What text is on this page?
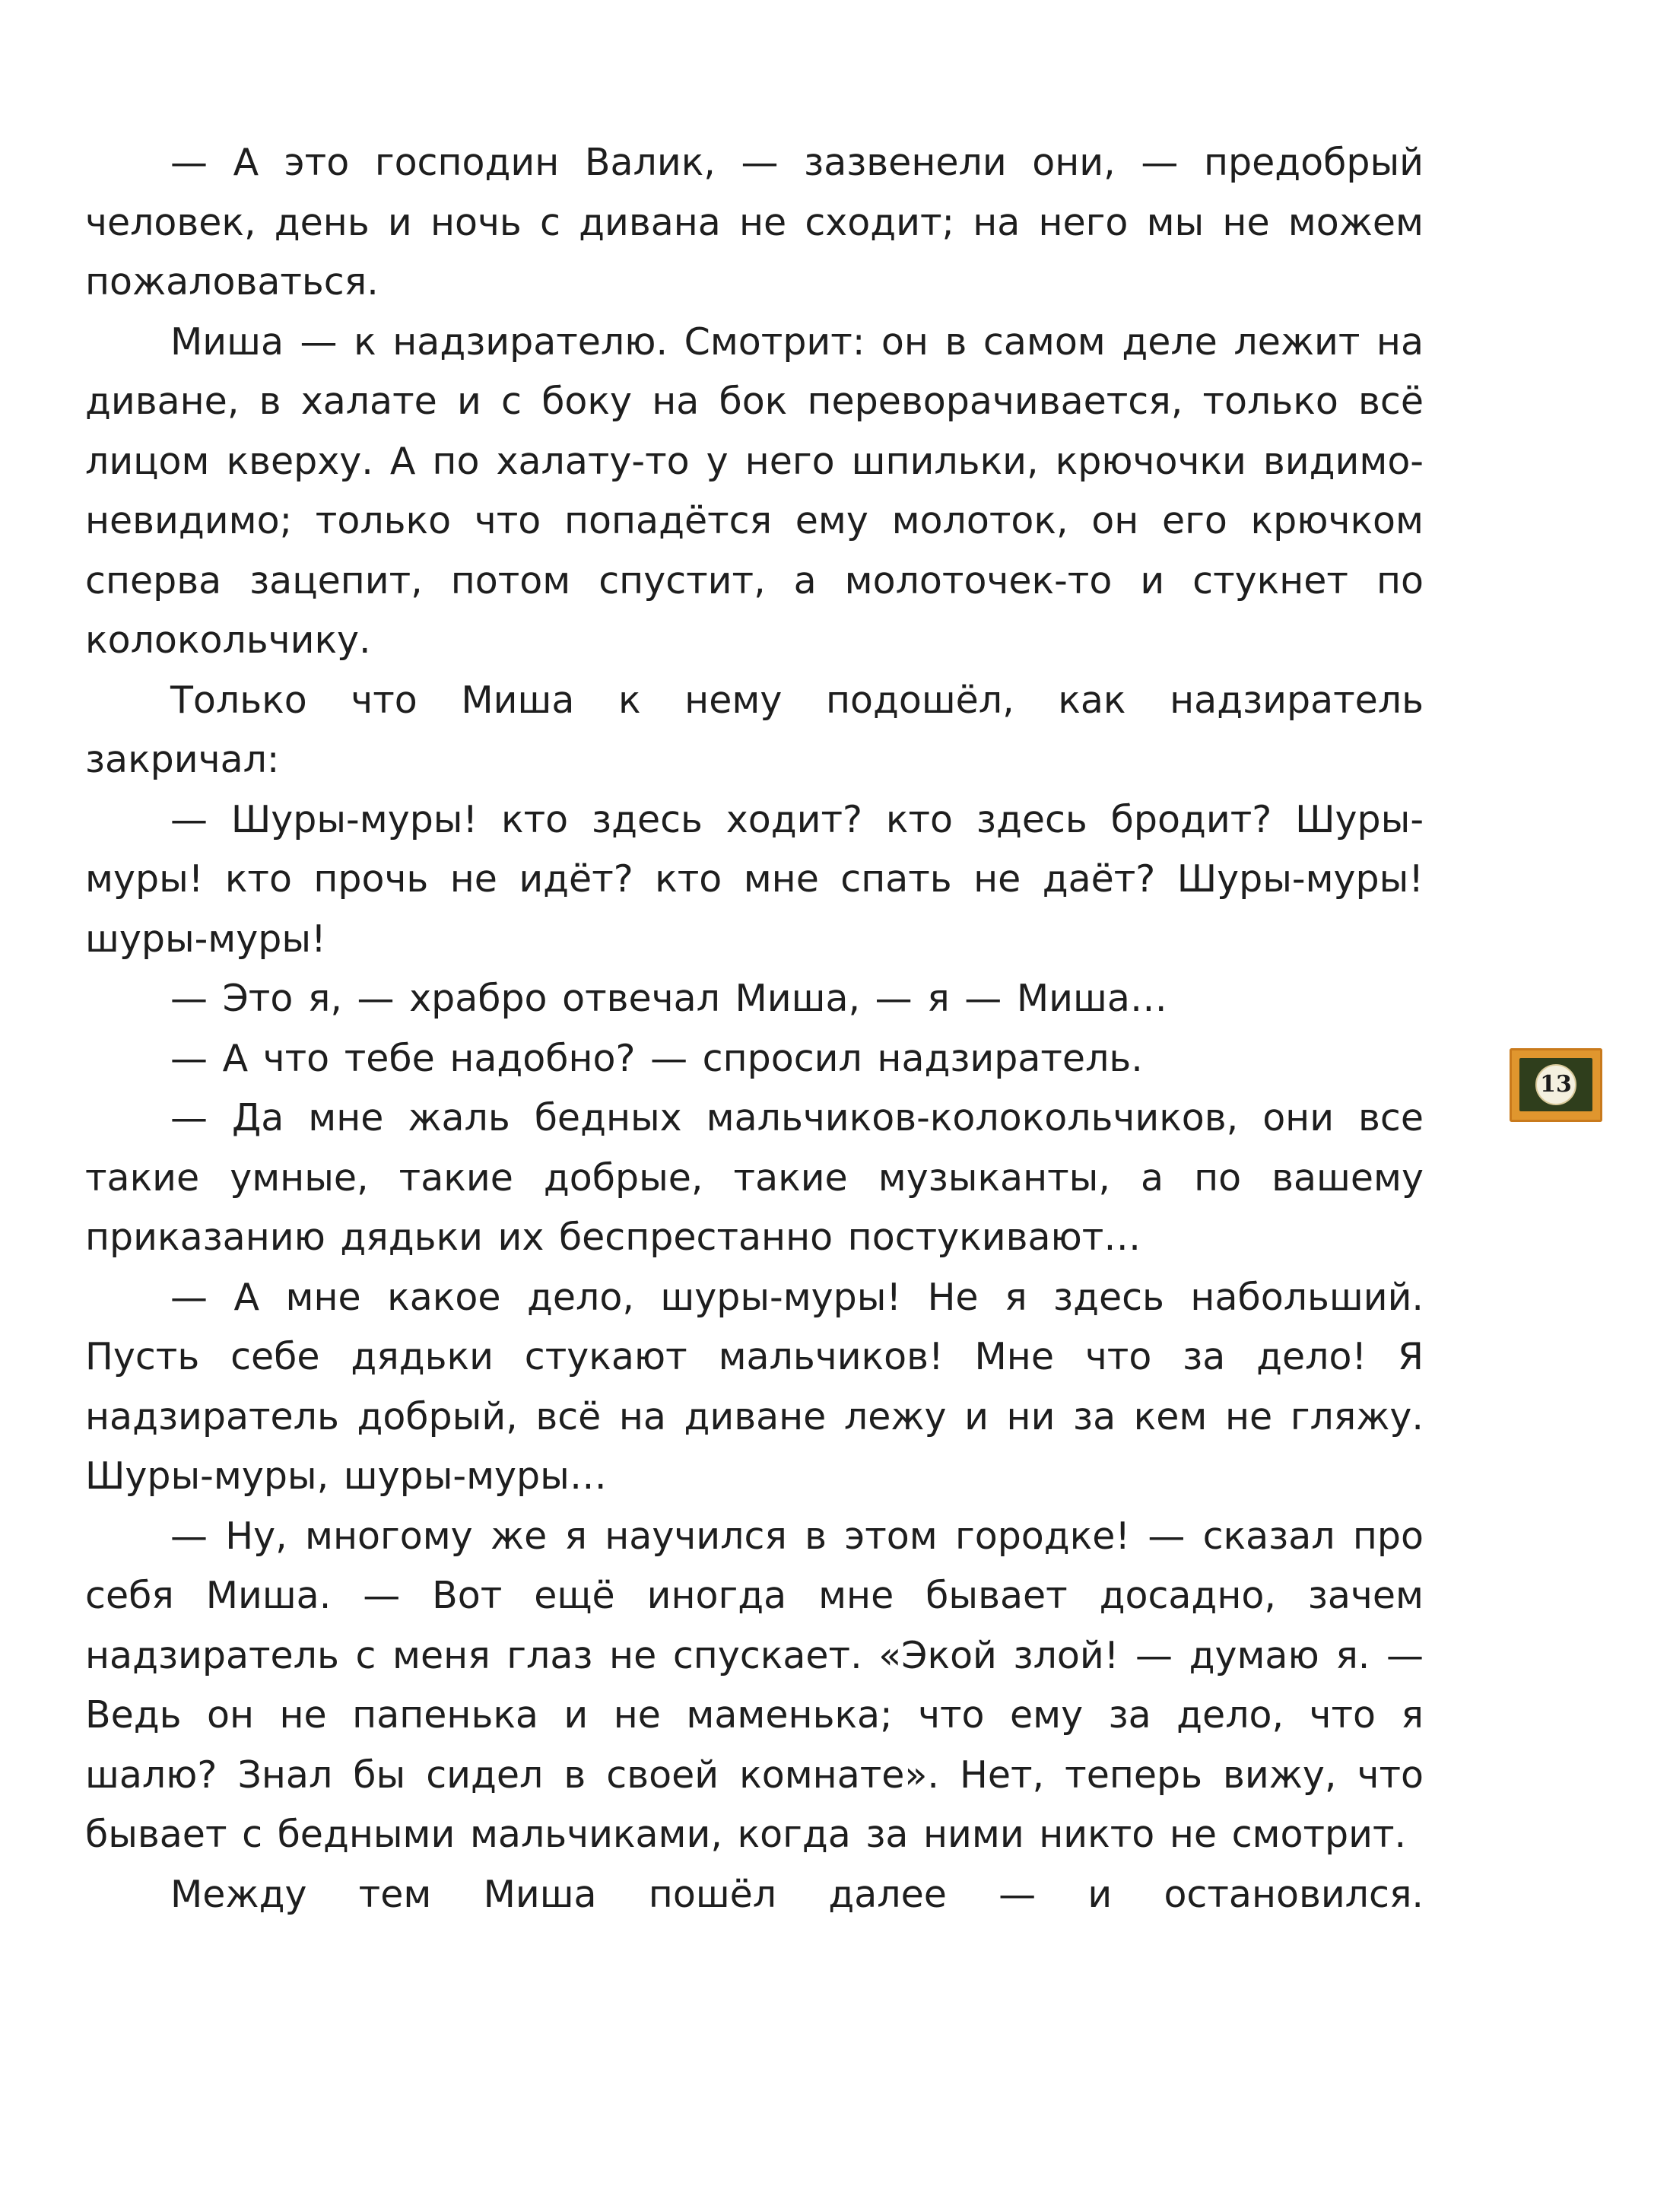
— А это господин Валик, — зазвенели они, — предобрый человек, день и ночь с дивана не сходит; на него мы не можем пожаловаться.

Миша — к надзирателю. Смотрит: он в самом деле лежит на диване, в халате и с боку на бок переворачивается, только всё лицом кверху. А по халату-то у него шпильки, крючочки видимо-невидимо; только что попадётся ему молоток, он его крючком сперва зацепит, потом спустит, а молоточек-то и стукнет по колокольчику.

Только что Миша к нему подошёл, как надзиратель закричал:

— Шуры-муры! кто здесь ходит? кто здесь бродит? Шуры-муры! кто прочь не идёт? кто мне спать не даёт? Шуры-муры! шуры-муры!

— Это я, — храбро отвечал Миша, — я — Миша…

— А что тебе надобно? — спросил надзиратель.

— Да мне жаль бедных мальчиков-колокольчиков, они все такие умные, такие добрые, такие музыканты, а по вашему приказанию дядьки их беспрестанно постукивают…

— А мне какое дело, шуры-муры! Не я здесь набольший. Пусть себе дядьки стукают мальчиков! Мне что за дело! Я надзиратель добрый, всё на диване лежу и ни за кем не гляжу. Шуры-муры, шуры-муры…

— Ну, многому же я научился в этом городке! — сказал про себя Миша. — Вот ещё иногда мне бывает досадно, зачем надзиратель с меня глаз не спускает. «Экой злой! — думаю я. — Ведь он не папенька и не маменька; что ему за дело, что я шалю? Знал бы сидел в своей комнате». Нет, теперь вижу, что бывает с бедными мальчиками, когда за ними никто не смотрит.

Между тем Миша пошёл далее — и остановился.

13
